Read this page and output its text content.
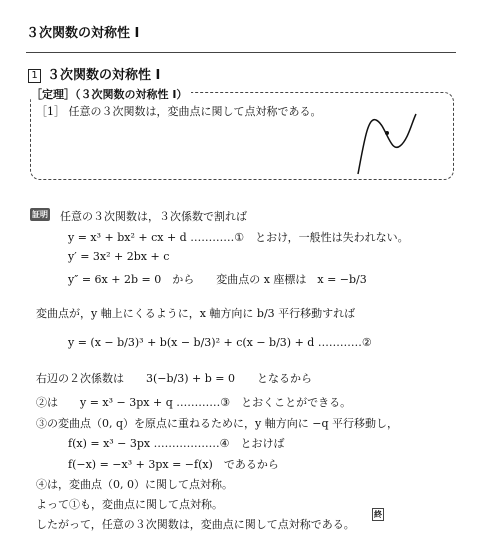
３次関数の対称性 I
1 ３次関数の対称性 I
［定理］（３次関数の対称性 I）
［1］ 任意の３次関数は，変曲点に関して点対称である。
証明 任意の３次関数は，３次係数で割れば
y = x³ + bx² + cx + d …………①　とおけ，一般性は失われない。
y′ = 3x² + 2bx + c
y″ = 6x + 2b = 0　から　　変曲点の x 座標は　x = −b/3
変曲点が，y 軸上にくるように，x 軸方向に b/3 平行移動すれば
y = (x − b/3)³ + b(x − b/3)² + c(x − b/3) + d …………②
右辺の２次係数は　　3(−b/3) + b = 0　　となるから
②は　　y = x³ − 3px + q …………③　とおくことができる。
③の変曲点（0, q）を原点に重ねるために，y 軸方向に −q 平行移動し，
f(x) = x³ − 3px ………………④　とおけば
f(−x) = −x³ + 3px = −f(x)　であるから
④は，変曲点（0, 0）に関して点対称。
よって①も，変曲点に関して点対称。
したがって，任意の３次関数は，変曲点に関して点対称である。
終
